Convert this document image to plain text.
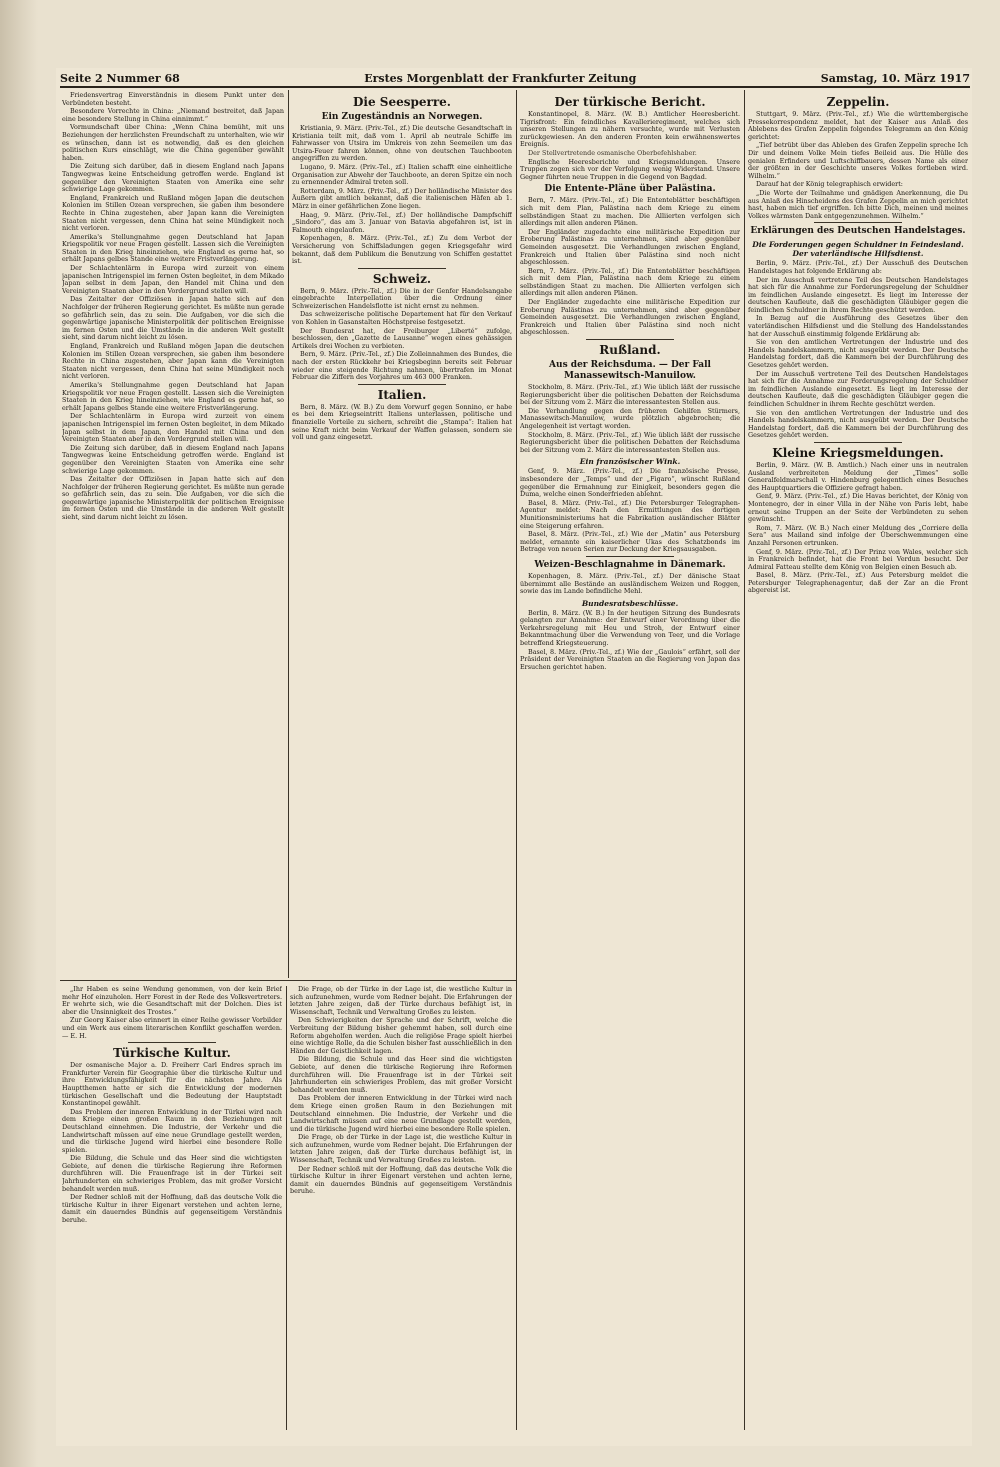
Seite 2 Nummer 68	Erstes Morgenblatt der Frankfurter Zeitung	Samstag, 10. März 1917

Friedensvertrag Einverständnis in diesem Punkt unter den Verbündeten besteht.

Besondere Vorrechte in China: „Niemand bestreitet, daß Japan eine besondere Stellung in China einnimmt.“

Vormundschaft über China: „Wenn China bemüht, mit uns Beziehungen der herzlichsten Freundschaft zu unterhalten, wie wir es wünschen, dann ist es notwendig, daß es den gleichen politischen Kurs einschlägt, wie die China gegenüber gewählt haben.

Die Zeitung sich darüber, daß in diesem England nach Japans Tangwegwas keine Entscheidung getroffen werde. England ist gegenüber den Vereinigten Staaten von Amerika eine sehr schwierige Lage gekommen.

England, Frankreich und Rußland mögen Japan die deutschen Kolonien im Stillen Ozean versprechen, sie gaben ihm besondere Rechte in China zugestehen, aber Japan kann die Vereinigten Staaten nicht vergessen, denn China hat seine Mündigkeit noch nicht verloren.

Amerika's Stellungnahme gegen Deutschland hat Japan Kriegspolitik vor neue Fragen gestellt. Lassen sich die Vereinigten Staaten in den Krieg hineinziehen, wie England es gerne hat, so erhält Japans gelbes Stande eine weitere Fristverlängerung.

Der Schlachtenlärm in Europa wird zurzeit von einem japanischen Intrigenspiel im fernen Osten begleitet, in dem Mikado Japan selbst in dem Japan, den Handel mit China und den Vereinigten Staaten aber in den Vordergrund stellen will.

Das Zeitalter der Offiziösen in Japan hatte sich auf den Nachfolger der früheren Regierung gerichtet. Es müßte nun gerade so gefährlich sein, das zu sein. Die Aufgaben, vor die sich die gegenwärtige japanische Ministerpolitik der politischen Ereignisse im fernen Osten und die Umstände in die anderen Welt gestellt sieht, sind darum nicht leicht zu lösen.

England, Frankreich und Rußland mögen Japan die deutschen Kolonien im Stillen Ozean versprechen, sie gaben ihm besondere Rechte in China zugestehen, aber Japan kann die Vereinigten Staaten nicht vergessen, denn China hat seine Mündigkeit noch nicht verloren.

Amerika's Stellungnahme gegen Deutschland hat Japan Kriegspolitik vor neue Fragen gestellt. Lassen sich die Vereinigten Staaten in den Krieg hineinziehen, wie England es gerne hat, so erhält Japans gelbes Stande eine weitere Fristverlängerung.

Der Schlachtenlärm in Europa wird zurzeit von einem japanischen Intrigenspiel im fernen Osten begleitet, in dem Mikado Japan selbst in dem Japan, den Handel mit China und den Vereinigten Staaten aber in den Vordergrund stellen will.

Die Zeitung sich darüber, daß in diesem England nach Japans Tangwegwas keine Entscheidung getroffen werde. England ist gegenüber den Vereinigten Staaten von Amerika eine sehr schwierige Lage gekommen.

Das Zeitalter der Offiziösen in Japan hatte sich auf den Nachfolger der früheren Regierung gerichtet. Es müßte nun gerade so gefährlich sein, das zu sein. Die Aufgaben, vor die sich die gegenwärtige japanische Ministerpolitik der politischen Ereignisse im fernen Osten und die Umstände in die anderen Welt gestellt sieht, sind darum nicht leicht zu lösen.

Die Seesperre.
Ein Zugeständnis an Norwegen.

Kristiania, 9. März. (Priv.-Tel., zf.) Die deutsche Gesandtschaft in Kristiania teilt mit, daß vom 1. April ab neutrale Schiffe im Fahrwasser von Utsira im Umkreis von zehn Seemeilen um das Utsira-Feuer fahren können, ohne von deutschen Tauchbooten angegriffen zu werden.

Lugano, 9. März. (Priv.-Tel., zf.) Italien schafft eine einheitliche Organisation zur Abwehr der Tauchboote, an deren Spitze ein noch zu ernennender Admiral treten soll.

Rotterdam, 9. März. (Priv.-Tel., zf.) Der holländische Minister des Äußern gibt amtlich bekannt, daß die italienischen Häfen ab 1. März in einer gefährlichen Zone liegen.

Haag, 9. März. (Priv.-Tel., zf.) Der holländische Dampfschiff „Sindoro“, das am 3. Januar von Batavia abgefahren ist, ist in Falmouth eingelaufen.

Kopenhagen, 8. März. (Priv.-Tel., zf.) Zu dem Verbot der Versicherung von Schiffsladungen gegen Kriegsgefahr wird bekannt, daß dem Publikum die Benutzung von Schiffen gestattet ist.

Schweiz.

Bern, 9. März. (Priv.-Tel., zf.) Die in der Genfer Handelsangabe eingebrachte Interpellation über die Ordnung einer Schweizerischen Handelsflotte ist nicht ernst zu nehmen.

Das schweizerische politische Departement hat für den Verkauf von Kohlen in Gasanstalten Höchstpreise festgesetzt.

Der Bundesrat hat, der Freiburger „Liberté“ zufolge, beschlossen, den „Gazette de Lausanne“ wegen eines gehässigen Artikels drei Wochen zu verbieten.

Bern, 9. März. (Priv.-Tel., zf.) Die Zolleinnahmen des Bundes, die nach der ersten Rückkehr bei Kriegsbeginn bereits seit Februar wieder eine steigende Richtung nahmen, übertrafen im Monat Februar die Ziffern des Vorjahres um 463 000 Franken.

Italien.

Bern, 8. März. (W. B.) Zu dem Vorwurf gegen Sonnino, er habe es bei dem Kriegseintritt Italiens unterlassen, politische und finanzielle Vorteile zu sichern, schreibt die „Stampa“: Italien hat seine Kraft nicht beim Verkauf der Waffen gelassen, sondern sie voll und ganz eingesetzt.

Der türkische Bericht.

Konstantinopel, 8. März. (W. B.) Amtlicher Heeresbericht. Tigrisfront: Ein feindliches Kavallerieregiment, welches sich unseren Stellungen zu nähern versuchte, wurde mit Verlusten zurückgewiesen. An den anderen Fronten kein erwähnenswertes Ereignis.

Der Stellvertretende osmanische Oberbefehlshaber.

Englische Heeresberichte und Kriegsmeldungen. Unsere Truppen zogen sich vor der Verfolgung wenig Widerstand. Unsere Gegner führten neue Truppen in die Gegend von Bagdad.

Die Entente-Pläne über Palästina.

Bern, 7. März. (Priv.-Tel., zf.) Die Ententeblätter beschäftigen sich mit dem Plan, Palästina nach dem Kriege zu einem selbständigen Staat zu machen. Die Alliierten verfolgen sich allerdings mit allen anderen Plänen.

Der Engländer zugedachte eine militärische Expedition zur Eroberung Palästinas zu unternehmen, sind aber gegenüber Gemeinden ausgesetzt. Die Verhandlungen zwischen England, Frankreich und Italien über Palästina sind noch nicht abgeschlossen.

Bern, 7. März. (Priv.-Tel., zf.) Die Ententeblätter beschäftigen sich mit dem Plan, Palästina nach dem Kriege zu einem selbständigen Staat zu machen. Die Alliierten verfolgen sich allerdings mit allen anderen Plänen.

Der Engländer zugedachte eine militärische Expedition zur Eroberung Palästinas zu unternehmen, sind aber gegenüber Gemeinden ausgesetzt. Die Verhandlungen zwischen England, Frankreich und Italien über Palästina sind noch nicht abgeschlossen.

Rußland.
Aus der Reichsduma. — Der Fall Manassewitsch-Manuilow.

Stockholm, 8. März. (Priv.-Tel., zf.) Wie üblich läßt der russische Regierungsbericht über die politischen Debatten der Reichsduma bei der Sitzung vom 2. März die interessantesten Stellen aus.

Die Verhandlung gegen den früheren Gehilfen Stürmers, Manassewitsch-Manuilow, wurde plötzlich abgebrochen; die Angelegenheit ist vertagt worden.

Stockholm, 8. März. (Priv.-Tel., zf.) Wie üblich läßt der russische Regierungsbericht über die politischen Debatten der Reichsduma bei der Sitzung vom 2. März die interessantesten Stellen aus.

Ein französischer Wink.

Genf, 9. März. (Priv.-Tel., zf.) Die französische Presse, insbesondere der „Temps“ und der „Figaro“, wünscht Rußland gegenüber die Ermahnung zur Einigkeit, besonders gegen die Duma, welche einen Sonderfrieden ablehnt.

Basel, 8. März. (Priv.-Tel., zf.) Die Petersburger Telegraphen-Agentur meldet: Nach den Ermittlungen des dortigen Munitionsministeriums hat die Fabrikation ausländischer Blätter eine Steigerung erfahren.

Basel, 8. März. (Priv.-Tel., zf.) Wie der „Matin“ aus Petersburg meldet, ernannte ein kaiserlicher Ukas des Schatzbonds im Betrage von neuen Serien zur Deckung der Kriegsausgaben.

Weizen-Beschlagnahme in Dänemark.

Kopenhagen, 8. März. (Priv.-Tel., zf.) Der dänische Staat übernimmt alle Bestände an ausländischem Weizen und Roggen, sowie das im Lande befindliche Mehl.

Bundesratsbeschlüsse.

Berlin, 8. März. (W. B.) In der heutigen Sitzung des Bundesrats gelangten zur Annahme: der Entwurf einer Verordnung über die Verkehrsregelung mit Heu und Stroh, der Entwurf einer Bekanntmachung über die Verwendung von Teer, und die Vorlage betreffend Kriegsteuerung.

Basel, 8. März. (Priv.-Tel., zf.) Wie der „Gaulois“ erfährt, soll der Präsident der Vereinigten Staaten an die Regierung von Japan das Ersuchen gerichtet haben.

Zeppelin.

Stuttgart, 9. März. (Priv.-Tel., zf.) Wie die württembergische Pressekorrespondenz meldet, hat der Kaiser aus Anlaß des Ablebens des Grafen Zeppelin folgendes Telegramm an den König gerichtet:

„Tief betrübt über das Ableben des Grafen Zeppelin spreche Ich Dir und deinem Volke Mein tiefes Beileid aus. Die Hülle des genialen Erfinders und Luftschiffbauers, dessen Name als einer der größten in der Geschichte unseres Volkes fortleben wird. Wilhelm.“

Darauf hat der König telegraphisch erwidert:

„Die Worte der Teilnahme und gnädigen Anerkennung, die Du aus Anlaß des Hinscheidens des Grafen Zeppelin an mich gerichtet hast, haben mich tief ergriffen. Ich bitte Dich, meinen und meines Volkes wärmsten Dank entgegenzunehmen. Wilhelm.“

Erklärungen des Deutschen Handelstages.
Die Forderungen gegen Schuldner in Feindesland. Der vaterländische Hilfsdienst.

Berlin, 9. März. (Priv.-Tel., zf.) Der Ausschuß des Deutschen Handelstages hat folgende Erklärung ab:

Der im Ausschuß vertretene Teil des Deutschen Handelstages hat sich für die Annahme zur Forderungsregelung der Schuldner im feindlichen Auslande eingesetzt. Es liegt im Interesse der deutschen Kaufleute, daß die geschädigten Gläubiger gegen die feindlichen Schuldner in ihrem Rechte geschützt werden.

In Bezug auf die Ausführung des Gesetzes über den vaterländischen Hilfsdienst und die Stellung des Handelsstandes hat der Ausschuß einstimmig folgende Erklärung ab:

Sie von den amtlichen Vertretungen der Industrie und des Handels handelskammern, nicht ausgeübt werden. Der Deutsche Handelstag fordert, daß die Kammern bei der Durchführung des Gesetzes gehört werden.

Der im Ausschuß vertretene Teil des Deutschen Handelstages hat sich für die Annahme zur Forderungsregelung der Schuldner im feindlichen Auslande eingesetzt. Es liegt im Interesse der deutschen Kaufleute, daß die geschädigten Gläubiger gegen die feindlichen Schuldner in ihrem Rechte geschützt werden.

Sie von den amtlichen Vertretungen der Industrie und des Handels handelskammern, nicht ausgeübt werden. Der Deutsche Handelstag fordert, daß die Kammern bei der Durchführung des Gesetzes gehört werden.

Kleine Kriegsmeldungen.

Berlin, 9. März. (W. B. Amtlich.) Nach einer uns in neutralen Ausland verbreiteten Meldung der „Times“ solle Generalfeldmarschall v. Hindenburg gelegentlich eines Besuches des Hauptquartiers die Offiziere gefragt haben.

Genf, 9. März. (Priv.-Tel., zf.) Die Havas berichtet, der König von Montenegro, der in einer Villa in der Nähe von Paris lebt, habe erneut seine Truppen an der Seite der Verbündeten zu sehen gewünscht.

Rom, 7. März. (W. B.) Nach einer Meldung des „Corriere della Sera“ aus Mailand sind infolge der Überschwemmungen eine Anzahl Personen ertrunken.

Genf, 9. März. (Priv.-Tel., zf.) Der Prinz von Wales, welcher sich in Frankreich befindet, hat die Front bei Verdun besucht. Der Admiral Fatteau stellte dem König von Belgien einen Besuch ab.

Basel, 8. März. (Priv.-Tel., zf.) Aus Petersburg meldet die Petersburger Telegraphenagentur, daß der Zar an die Front abgereist ist.

„Ihr Haben es seine Wendung genommen, von der kein Brief mehr Hof einzuholen. Herr Forest in der Rede des Volksvertreters. Er wehrte sich, wie die Gesandtschaft mit der Dolchen. Dies ist aber die Unsinnigkeit des Trostes.“

Zur Georg Kaiser also erinnert in einer Reihe gewisser Vorbilder und ein Werk aus einem literarischen Konflikt geschaffen werden. — E. H.

Türkische Kultur.

Der osmanische Major a. D. Freiherr Carl Endres sprach im Frankfurter Verein für Geographie über die türkische Kultur und ihre Entwicklungsfähigkeit für die nächsten Jahre. Als Hauptthemen hatte er sich die Entwicklung der modernen türkischen Gesellschaft und die Bedeutung der Hauptstadt Konstantinopel gewählt.

Das Problem der inneren Entwicklung in der Türkei wird nach dem Kriege einen großen Raum in den Beziehungen mit Deutschland einnehmen. Die Industrie, der Verkehr und die Landwirtschaft müssen auf eine neue Grundlage gestellt werden, und die türkische Jugend wird hierbei eine besondere Rolle spielen.

Die Bildung, die Schule und das Heer sind die wichtigsten Gebiete, auf denen die türkische Regierung ihre Reformen durchführen will. Die Frauenfrage ist in der Türkei seit Jahrhunderten ein schwieriges Problem, das mit großer Vorsicht behandelt werden muß.

Der Redner schloß mit der Hoffnung, daß das deutsche Volk die türkische Kultur in ihrer Eigenart verstehen und achten lerne, damit ein dauerndes Bündnis auf gegenseitigem Verständnis beruhe.

Die Frage, ob der Türke in der Lage ist, die westliche Kultur in sich aufzunehmen, wurde vom Redner bejaht. Die Erfahrungen der letzten Jahre zeigen, daß der Türke durchaus befähigt ist, in Wissenschaft, Technik und Verwaltung Großes zu leisten.

Den Schwierigkeiten der Sprache und der Schrift, welche die Verbreitung der Bildung bisher gehemmt haben, soll durch eine Reform abgeholfen werden. Auch die religiöse Frage spielt hierbei eine wichtige Rolle, da die Schulen bisher fast ausschließlich in den Händen der Geistlichkeit lagen.

Die Bildung, die Schule und das Heer sind die wichtigsten Gebiete, auf denen die türkische Regierung ihre Reformen durchführen will. Die Frauenfrage ist in der Türkei seit Jahrhunderten ein schwieriges Problem, das mit großer Vorsicht behandelt werden muß.

Das Problem der inneren Entwicklung in der Türkei wird nach dem Kriege einen großen Raum in den Beziehungen mit Deutschland einnehmen. Die Industrie, der Verkehr und die Landwirtschaft müssen auf eine neue Grundlage gestellt werden, und die türkische Jugend wird hierbei eine besondere Rolle spielen.

Die Frage, ob der Türke in der Lage ist, die westliche Kultur in sich aufzunehmen, wurde vom Redner bejaht. Die Erfahrungen der letzten Jahre zeigen, daß der Türke durchaus befähigt ist, in Wissenschaft, Technik und Verwaltung Großes zu leisten.

Der Redner schloß mit der Hoffnung, daß das deutsche Volk die türkische Kultur in ihrer Eigenart verstehen und achten lerne, damit ein dauerndes Bündnis auf gegenseitigem Verständnis beruhe.
